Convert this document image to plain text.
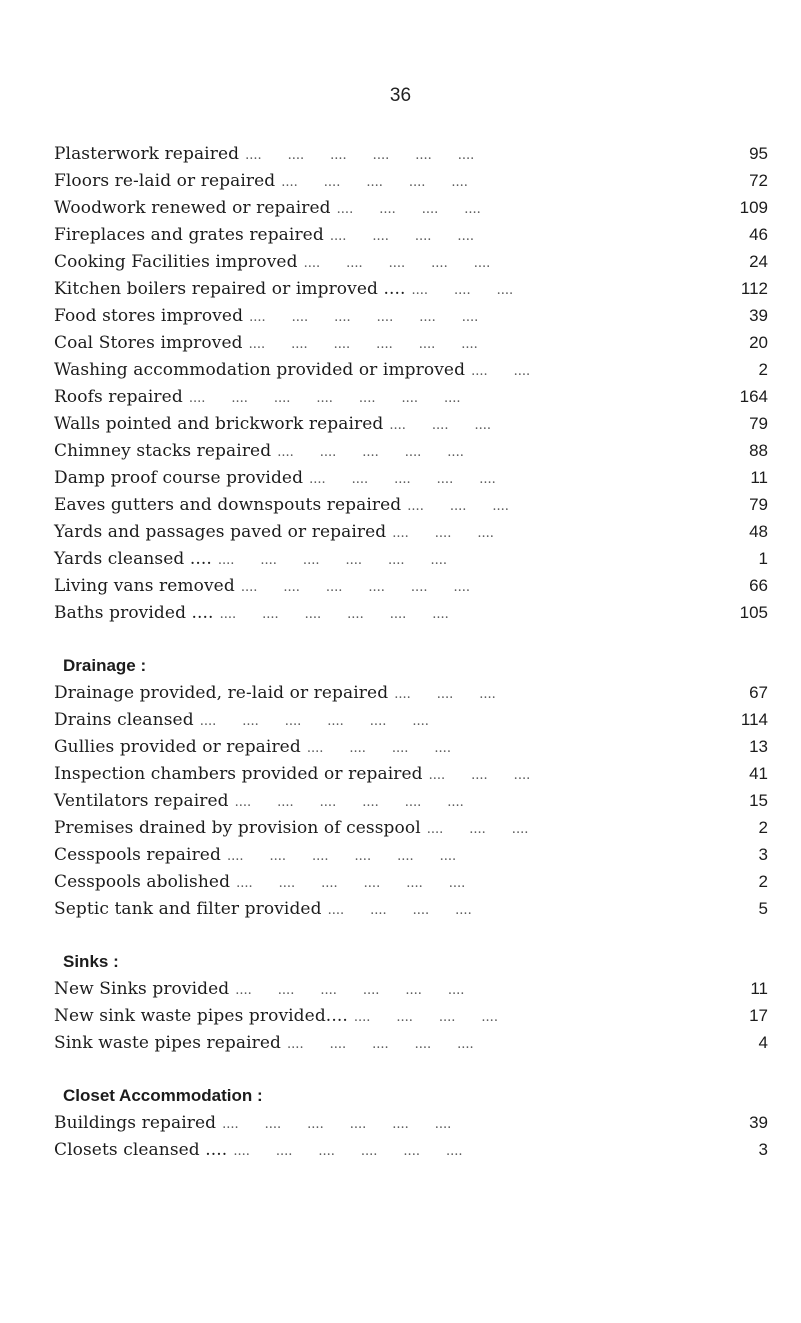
36
Plasterwork repaired ....  ....  ....  ....  ....  ....	95
Floors re-laid or repaired ....  ....  ....  ....  ....	72
Woodwork renewed or repaired ....  ....  ....  ....	109
Fireplaces and grates repaired ....  ....  ....  ....	46
Cooking Facilities improved ....  ....  ....  ....  ....	24
Kitchen boilers repaired or improved .... ....  ....  ....	112
Food stores improved ....  ....  ....  ....  ....  ....	39
Coal Stores improved ....  ....  ....  ....  ....  ....	20
Washing accommodation provided or improved ....  ....	2
Roofs repaired ....  ....  ....  ....  ....  ....  ....	164
Walls pointed and brickwork repaired ....  ....  ....	79
Chimney stacks repaired ....  ....  ....  ....  ....	88
Damp proof course provided ....  ....  ....  ....  ....	11
Eaves gutters and downspouts repaired ....  ....  ....	79
Yards and passages paved or repaired ....  ....  ....	48
Yards cleansed .... ....  ....  ....  ....  ....  ....	1
Living vans removed ....  ....  ....  ....  ....  ....	66
Baths provided .... ....  ....  ....  ....  ....  ....	105
Drainage :
Drainage provided, re-laid or repaired ....  ....  ....	67
Drains cleansed ....  ....  ....  ....  ....  ....	114
Gullies provided or repaired ....  ....  ....  ....	13
Inspection chambers provided or repaired ....  ....  ....	41
Ventilators repaired ....  ....  ....  ....  ....  ....	15
Premises drained by provision of cesspool ....  ....  ....	2
Cesspools repaired ....  ....  ....  ....  ....  ....	3
Cesspools abolished ....  ....  ....  ....  ....  ....	2
Septic tank and filter provided ....  ....  ....  ....	5
Sinks :
New Sinks provided ....  ....  ....  ....  ....  ....	11
New sink waste pipes provided.... ....  ....  ....  ....	17
Sink waste pipes repaired ....  ....  ....  ....  ....	4
Closet Accommodation :
Buildings repaired ....  ....  ....  ....  ....  ....	39
Closets cleansed .... ....  ....  ....  ....  ....  ....	3
